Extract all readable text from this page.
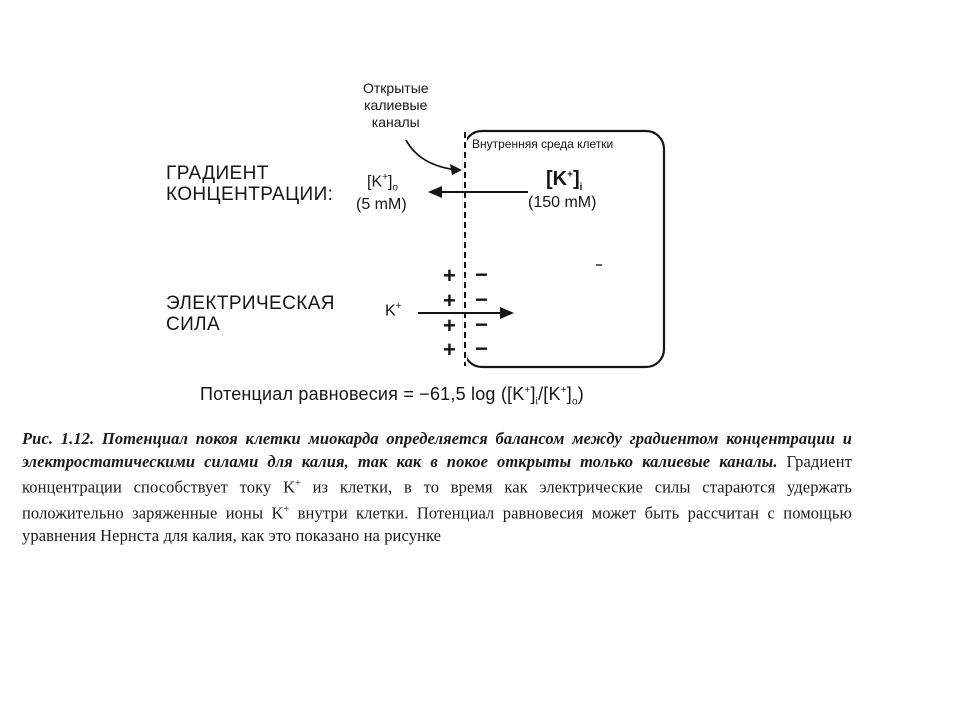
Открытые
калиевые
каналы
Внутренняя среда клетки
ГРАДИЕНТ
КОНЦЕНТРАЦИИ:
$[K^+]_o$
(5 mM)
$[K^+]_i$
(150 mM)
ЭЛЕКТРИЧЕСКАЯ
СИЛА
K+
+
+
+
+
−
−
−
−
Потенциал равновесия = −61,5 $\log ([K^+]_i/[K^+]_o)$
Рис. 1.12. Потенциал покоя клетки миокарда определяется балансом между градиентом концентрации и электростатическими силами для калия, так как в покое открыты только калиевые каналы. Градиент концентрации способствует току K+ из клетки, в то время как электрические силы стараются удержать положительно заряженные ионы K+ внутри клетки. Потенциал равновесия может быть рассчитан с помощью уравнения Нернста для калия, как это показано на рисунке
